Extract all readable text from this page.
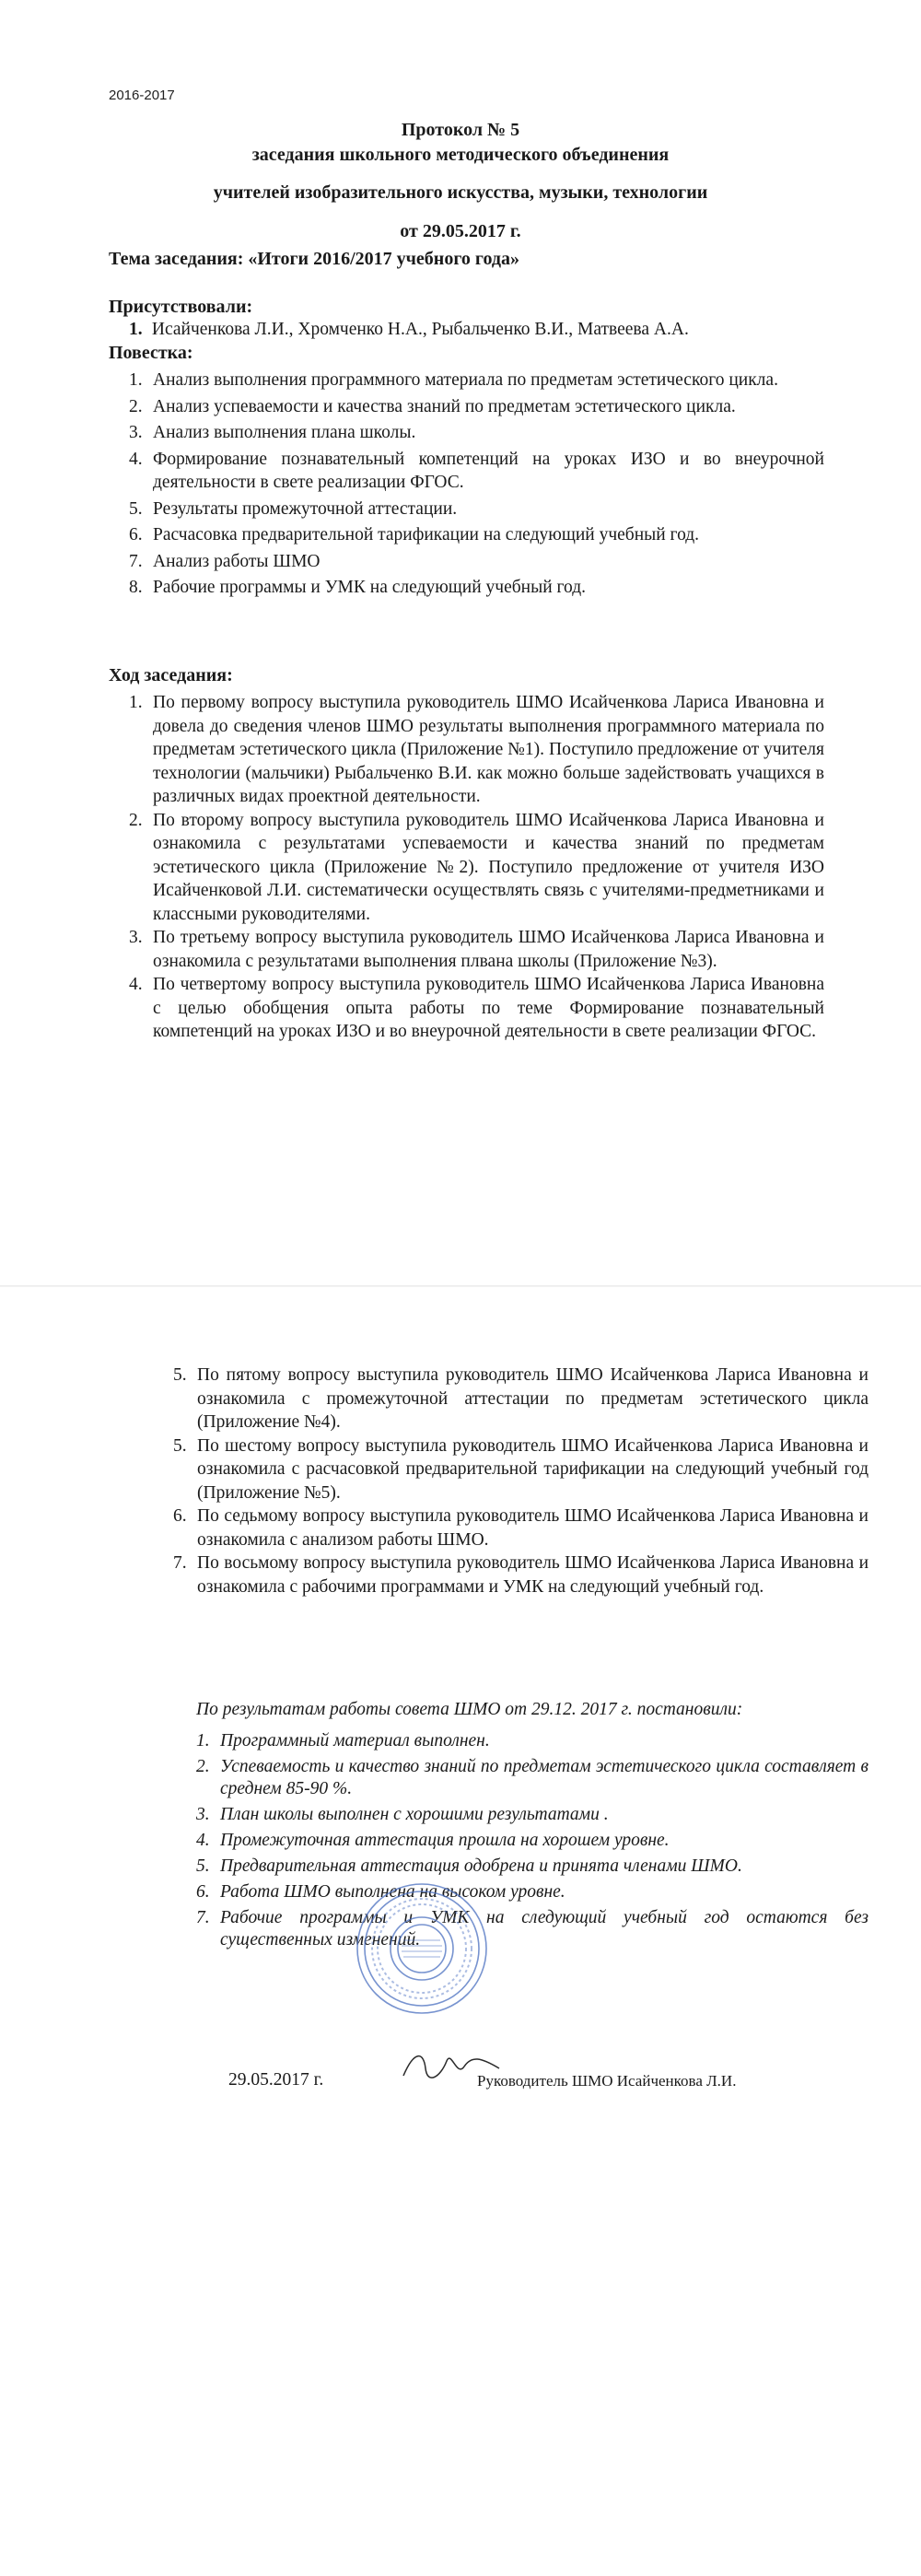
2016-2017
Протокол № 5
заседания школьного методического объединения
учителей изобразительного искусства, музыки, технологии
от 29.05.2017 г.
Тема заседания: «Итоги 2016/2017 учебного года»
Присутствовали:
1. Исайченкова Л.И., Хромченко Н.А., Рыбальченко В.И., Матвеева А.А.
Повестка:
1. Анализ выполнения программного материала по предметам эстетического цикла.
2. Анализ успеваемости и качества знаний по предметам эстетического цикла.
3. Анализ выполнения плана школы.
4. Формирование познавательный компетенций на уроках ИЗО и во внеурочной деятельности в свете реализации ФГОС.
5. Результаты промежуточной аттестации.
6. Расчасовка предварительной тарификации на следующий учебный год.
7. Анализ работы ШМО
8. Рабочие программы и УМК на следующий учебный год.
Ход заседания:
1. По первому вопросу выступила руководитель ШМО Исайченкова Лариса Ивановна и довела до сведения членов ШМО результаты выполнения программного материала по предметам эстетического цикла (Приложение №1). Поступило предложение от учителя технологии (мальчики) Рыбальченко В.И. как можно больше задействовать учащихся в различных видах проектной деятельности.
2. По второму вопросу выступила руководитель ШМО Исайченкова Лариса Ивановна и ознакомила с результатами успеваемости и качества знаний по предметам эстетического цикла (Приложение №2). Поступило предложение от учителя ИЗО Исайченковой Л.И. систематически осуществлять связь с учителями-предметниками и классными руководителями.
3. По третьему вопросу выступила руководитель ШМО Исайченкова Лариса Ивановна и ознакомила с результатами выполнения плвана школы (Приложение №3).
4. По четвертому вопросу выступила руководитель ШМО Исайченкова Лариса Ивановна с целью обобщения опыта работы по теме Формирование познавательный компетенций на уроках ИЗО и во внеурочной деятельности в свете реализации ФГОС.
5. По пятому вопросу выступила руководитель ШМО Исайченкова Лариса Ивановна и ознакомила с промежуточной аттестации по предметам эстетического цикла (Приложение №4).
5. По шестому вопросу выступила руководитель ШМО Исайченкова Лариса Ивановна и ознакомила с расчасовкой предварительной тарификации на следующий учебный год (Приложение №5).
6. По седьмому вопросу выступила руководитель ШМО Исайченкова Лариса Ивановна и ознакомила с анализом работы ШМО.
7. По восьмому вопросу выступила руководитель ШМО Исайченкова Лариса Ивановна и ознакомила с рабочими программами и УМК на следующий учебный год.
По результатам работы совета ШМО от 29.12. 2017 г. постановили:
1. Программный материал выполнен.
2. Успеваемость и качество знаний по предметам эстетического цикла составляет в среднем 85-90 %.
3. План школы выполнен с хорошими результатами .
4. Промежуточная аттестация прошла на хорошем уровне.
5. Предварительная аттестация одобрена и принята членами ШМО.
6. Работа ШМО выполнена на высоком уровне.
7. Рабочие программы и УМК на следующий учебный год остаются без существенных изменений.
29.05.2017 г.	Руководитель ШМО Исайченкова Л.И.
